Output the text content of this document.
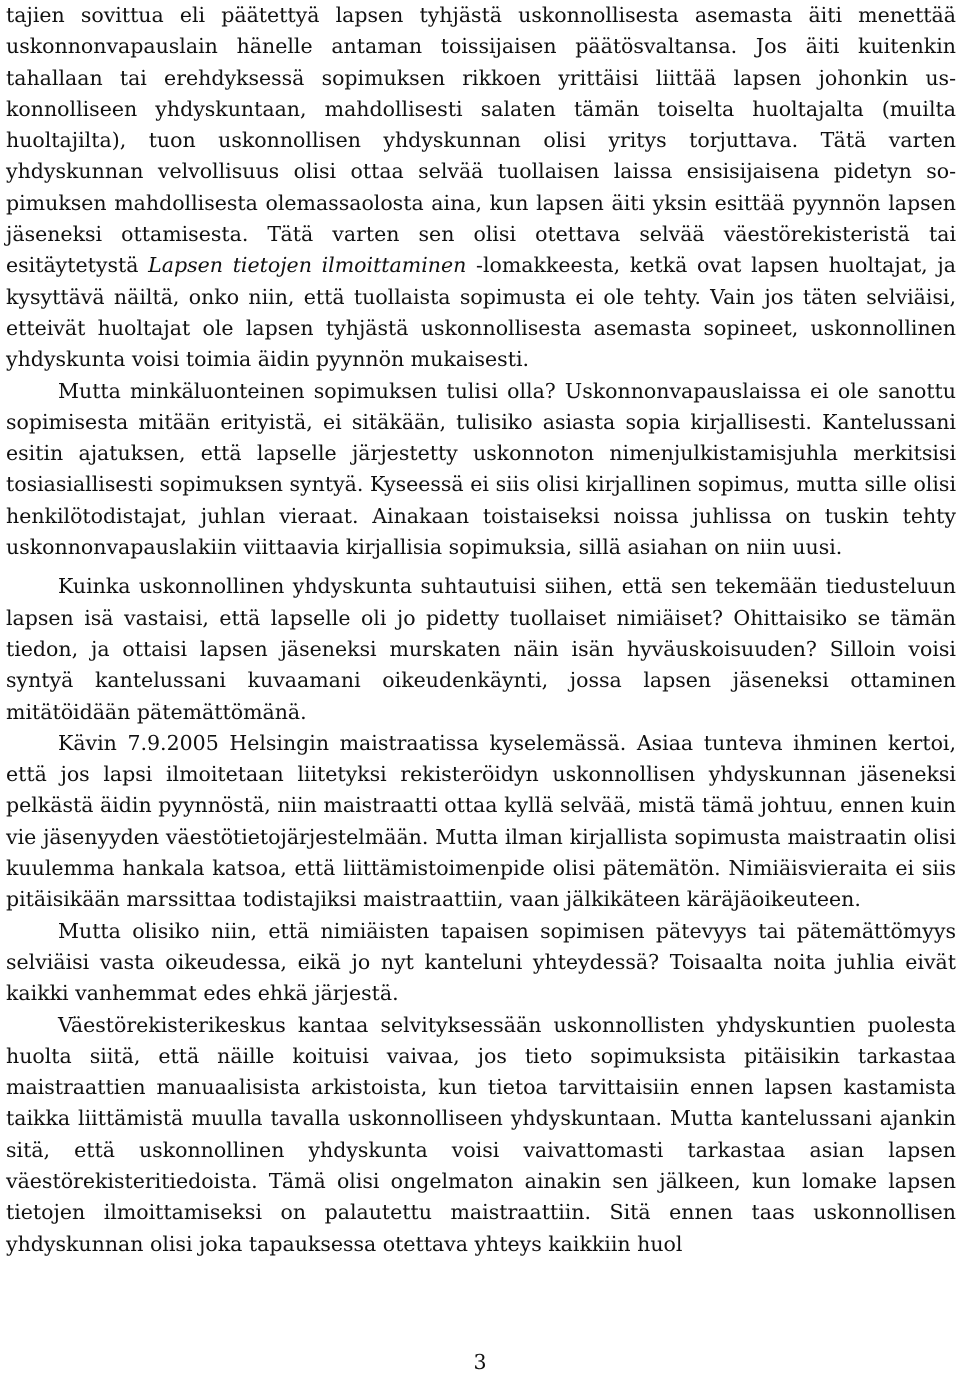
tajien sovittua eli päätettyä lapsen tyhjästä uskonnollisesta asemasta äiti menettää uskonnonvapauslain hänelle antaman toissijaisen päätösvaltansa. Jos äiti kuitenkin tahallaan tai erehdyksessä sopimuksen rikkoen yrittäisi liittää lapsen johonkin uskonnolliseen yhdyskuntaan, mahdollisesti salaten tämän toiselta huoltajalta (muilta huoltajilta), tuon uskonnollisen yhdyskunnan olisi yritys torjuttava. Tätä varten yhdyskunnan velvollisuus olisi ottaa selvää tuollaisen laissa ensisijaisena pidetyn sopimuksen mahdollisesta olemassaolosta aina, kun lapsen äiti yksin esittää pyynnön lapsen jäseneksi ottamisesta. Tätä varten sen olisi otettava selvää väestörekisteristä tai esitäytetystä Lapsen tietojen ilmoittaminen -lomakkeesta, ketkä ovat lapsen huoltajat, ja kysyttävä näiltä, onko niin, että tuollaista sopimusta ei ole tehty. Vain jos täten selviäisi, etteivät huoltajat ole lapsen tyhjästä uskonnollisesta asemasta sopineet, uskonnollinen yhdyskunta voisi toimia äidin pyynnön mukaisesti.

Mutta minkäluonteinen sopimuksen tulisi olla? Uskonnonvapauslaissa ei ole sanottu sopimisesta mitään erityistä, ei sitäkään, tulisiko asiasta sopia kirjallisesti. Kantelussani esitin ajatuksen, että lapselle järjestetty uskonnoton nimenjulkistamisjuhla merkitsisi tosiasiallisesti sopimuksen syntyä. Kyseessä ei siis olisi kirjallinen sopimus, mutta sille olisi henkilötodistajat, juhlan vieraat. Ainakaan toistaiseksi noissa juhlissa on tuskin tehty uskonnonvapauslakiin viittaavia kirjallisia sopimuksia, sillä asiahan on niin uusi.

Kuinka uskonnollinen yhdyskunta suhtautuisi siihen, että sen tekemään tiedusteluun lapsen isä vastaisi, että lapselle oli jo pidetty tuollaiset nimiäiset? Ohittaisiko se tämän tiedon, ja ottaisi lapsen jäseneksi murskaten näin isän hyväuskoisuuden? Silloin voisi syntyä kantelussani kuvaamani oikeudenkäynti, jossa lapsen jäseneksi ottaminen mitätöidään pätemättömänä.

Kävin 7.9.2005 Helsingin maistraatissa kyselemässä. Asiaa tunteva ihminen kertoi, että jos lapsi ilmoitetaan liitetyksi rekisteröidyn uskonnollisen yhdyskunnan jäseneksi pelkästä äidin pyynnöstä, niin maistraatti ottaa kyllä selvää, mistä tämä johtuu, ennen kuin vie jäsenyyden väestötietojärjestelmään. Mutta ilman kirjallista sopimusta maistraatin olisi kuulemma hankala katsoa, että liittämistoimenpide olisi pätemätön. Nimiäisvieraita ei siis pitäisikään marssittaa todistajiksi maistraattiin, vaan jälkikäteen käräjäoikeuteen.

Mutta olisiko niin, että nimiäisten tapaisen sopimisen pätevyys tai pätemättömyys selviäisi vasta oikeudessa, eikä jo nyt kanteluni yhteydessä? Toisaalta noita juhlia eivät kaikki vanhemmat edes ehkä järjestä.

Väestörekisterikeskus kantaa selvityksessään uskonnollisten yhdyskuntien puolesta huolta siitä, että näille koituisi vaivaa, jos tieto sopimuksista pitäisikin tarkastaa maistraattien manuaalisista arkistoista, kun tietoa tarvittaisiin ennen lapsen kastamista taikka liittämistä muulla tavalla uskonnolliseen yhdyskuntaan. Mutta kantelussani ajankin sitä, että uskonnollinen yhdyskunta voisi vaivattomasti tarkastaa asian lapsen väestörekisteritiedoista. Tämä olisi ongelmaton ainakin sen jälkeen, kun lomake lapsen tietojen ilmoittamiseksi on palautettu maistraattiin. Sitä ennen taas uskonnollisen yhdyskunnan olisi joka tapauksessa otettava yhteys kaikkiin huol

3
